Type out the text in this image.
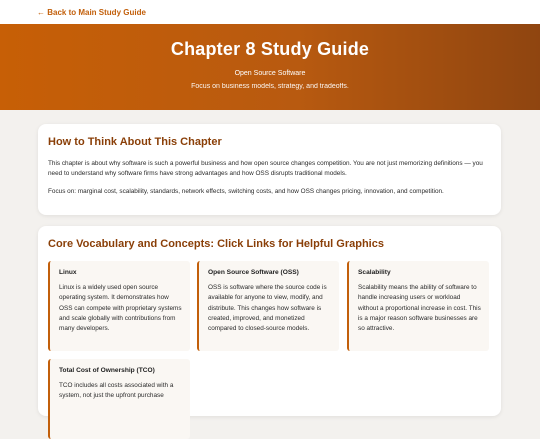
← Back to Main Study Guide
Chapter 8 Study Guide
Open Source Software
Focus on business models, strategy, and tradeoffs.
How to Think About This Chapter

This chapter is about why software is such a powerful business and how open source changes competition. You are not just memorizing definitions — you need to understand why software firms have strong advantages and how OSS disrupts traditional models.

Focus on: marginal cost, scalability, standards, network effects, switching costs, and how OSS changes pricing, innovation, and competition.

Core Vocabulary and Concepts: Click Links for Helpful Graphics
Linux
Linux is a widely used open source operating system. It demonstrates how OSS can compete with proprietary systems and scale globally with contributions from many developers.
Open Source Software (OSS)
OSS is software where the source code is available for anyone to view, modify, and distribute. This changes how software is created, improved, and monetized compared to closed-source models.
Scalability
Scalability means the ability of software to handle increasing users or workload without a proportional increase in cost. This is a major reason software businesses are so attractive.
Total Cost of Ownership (TCO)
TCO includes all costs associated with a system, not just the upfront purchase
